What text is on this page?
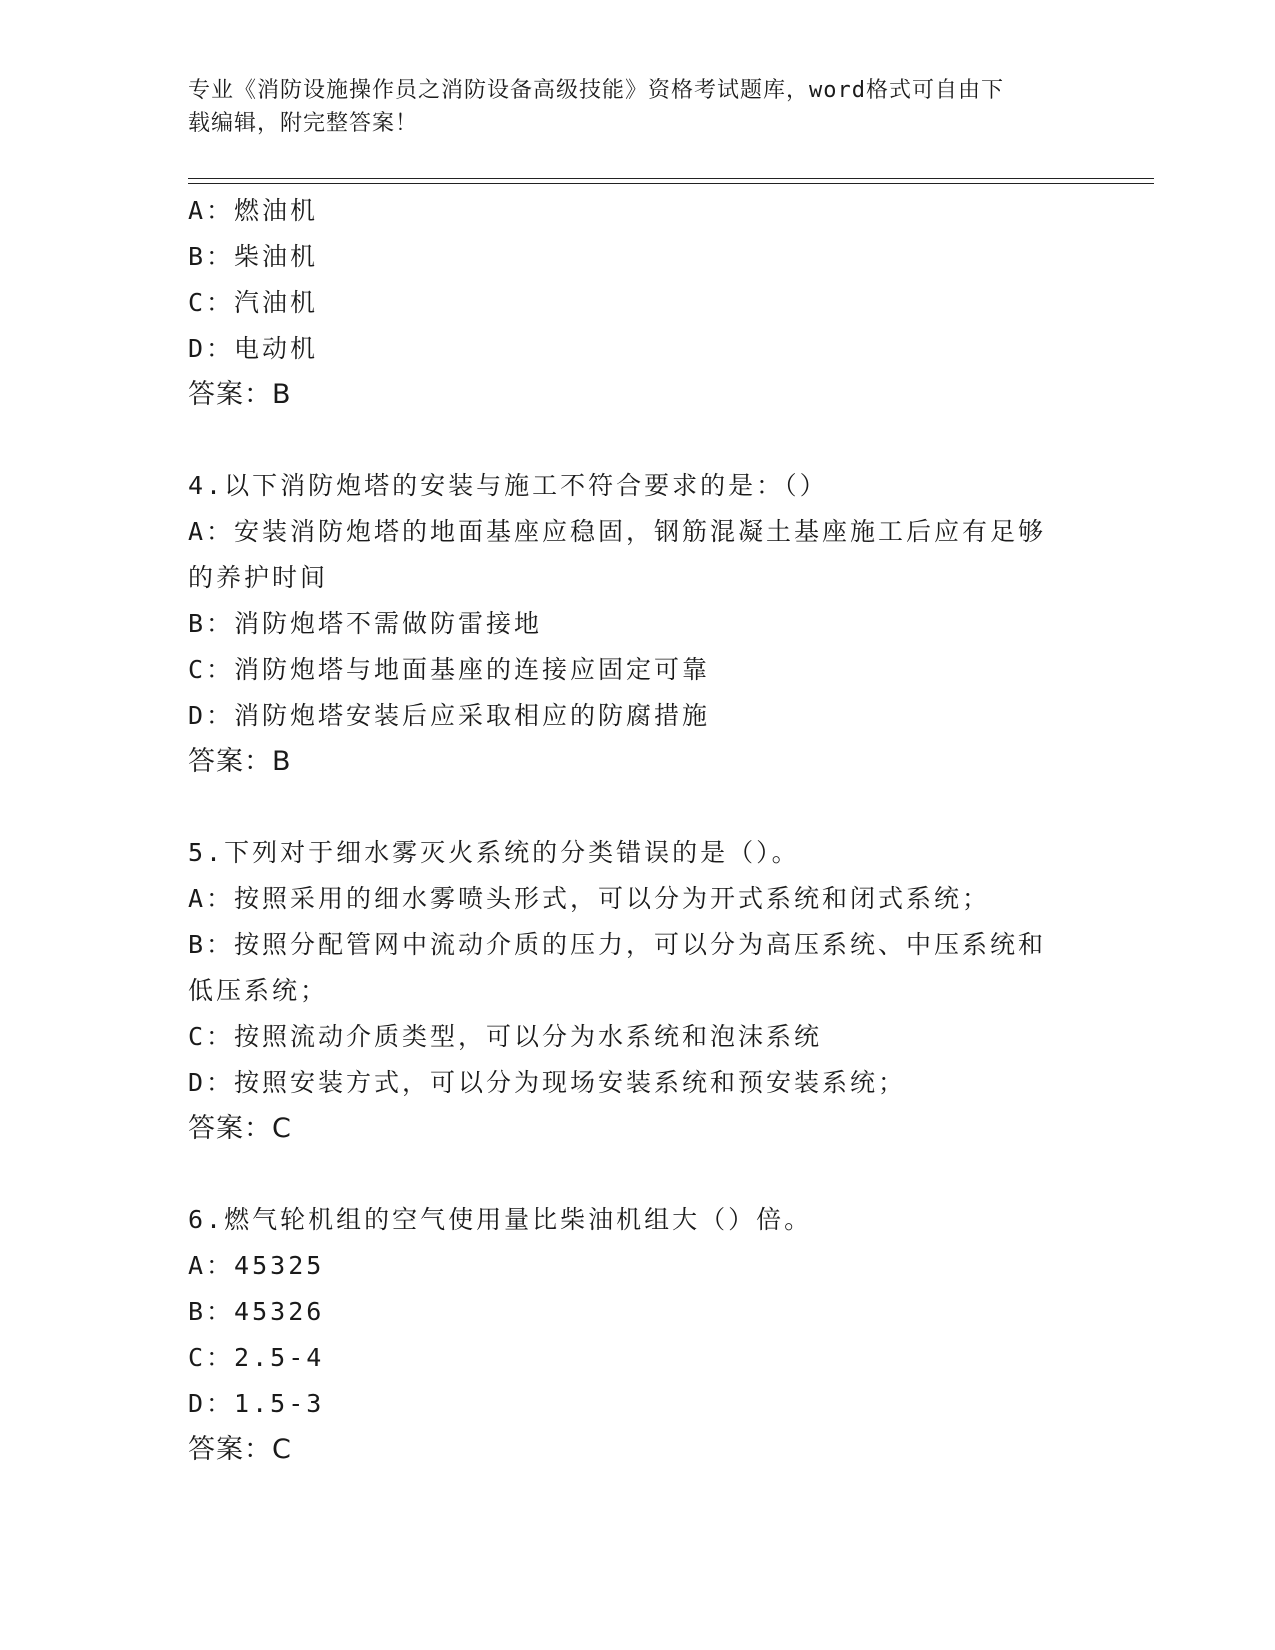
专业《消防设施操作员之消防设备高级技能》资格考试题库，word格式可自由下
载编辑，附完整答案！

A：燃油机

B：柴油机

C：汽油机

D：电动机

答案：B

4.以下消防炮塔的安装与施工不符合要求的是：（）

A：安装消防炮塔的地面基座应稳固，钢筋混凝土基座施工后应有足够

的养护时间

B：消防炮塔不需做防雷接地

C：消防炮塔与地面基座的连接应固定可靠

D：消防炮塔安装后应采取相应的防腐措施

答案：B

5.下列对于细水雾灭火系统的分类错误的是（）。

A：按照采用的细水雾喷头形式，可以分为开式系统和闭式系统；

B：按照分配管网中流动介质的压力，可以分为高压系统、中压系统和

低压系统；

C：按照流动介质类型，可以分为水系统和泡沫系统

D：按照安装方式，可以分为现场安装系统和预安装系统；

答案：C

6.燃气轮机组的空气使用量比柴油机组大（）倍。

A：45325

B：45326

C：2.5-4

D：1.5-3

答案：C
